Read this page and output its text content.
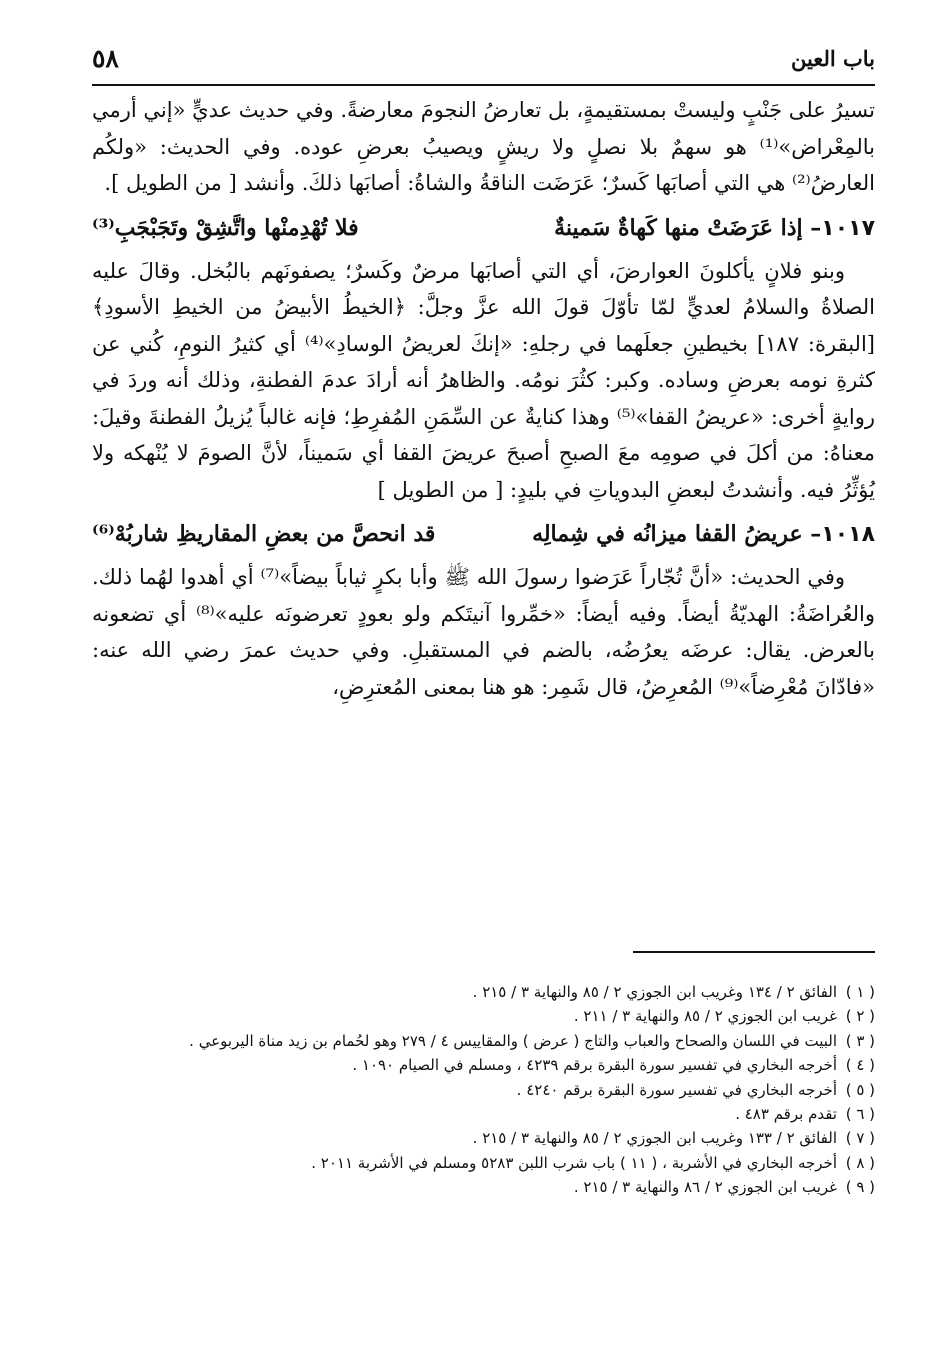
باب العين
٥٨

تسيرُ على جَنْبٍ وليستْ بمستقيمةٍ، بل تعارضُ النجومَ معارضةً. وفي حديث عديٍّ «إني أرمي بالمِعْراض»⁽¹⁾ هو سهمٌ بلا نصلٍ ولا ريشٍ ويصيبُ بعرضِ عوده. وفي الحديث: «ولكُم العارضُ⁽²⁾ هي التي أصابَها كَسرٌ؛ عَرَضَت الناقةُ والشاةُ: أصابَها ذلكَ. وأنشد [ من الطويل ].

١٠١٧– إذا عَرَضَتْ منها كَهاةٌ سَمينةٌ
فلا تُهْدِمنْها واتَّشِقْ وتَجَبْجَبِ⁽³⁾

وبنو فلانٍ يأكلونَ العوارضَ، أي التي أصابَها مرضٌ وكَسرٌ؛ يصفونَهم بالبُخل. وقالَ عليه الصلاةُ والسلامُ لعديٍّ لمّا تأوّلَ قولَ الله عزَّ وجلَّ: ﴿الخيطُ الأبيضُ من الخيطِ الأسودِ﴾ [البقرة: ١٨٧] بخيطينِ جعلَهما في رجلهِ: «إنكَ لعريضُ الوسادِ»⁽⁴⁾ أي كثيرُ النومِ، كُني عن كثرةِ نومه بعرضِ وساده. وكبر: كثُرَ نومُه. والظاهرُ أنه أرادَ عدمَ الفطنةِ، وذلك أنه وردَ في روايةٍ أخرى: «عريضُ القفا»⁽⁵⁾ وهذا كنايةٌ عن السِّمَنِ المُفرِطِ؛ فإنه غالباً يُزيلُ الفطنةَ وقيلَ: معناهُ: من أكلَ في صومِه معَ الصبحِ أصبحَ عريضَ القفا أي سَميناً، لأنَّ الصومَ لا يُنْهكه ولا يُؤثِّرُ فيه. وأنشدتُ لبعضِ البدوياتِ في بليدٍ: [ من الطويل ]

١٠١٨– عريضُ القفا ميزانُه في شِمالِه
قد انحصَّ من بعضِ المقاريظِ شاربُهْ⁽⁶⁾

وفي الحديث: «أنَّ تُجّاراً عَرَضوا رسولَ الله ﷺ وأبا بكرٍ ثياباً بيضاً»⁽⁷⁾ أي أهدوا لهُما ذلك. والعُراضَةُ: الهديّةُ أيضاً. وفيه أيضاً: «خمِّروا آنيتَكم ولو بعودٍ تعرضونَه عليه»⁽⁸⁾ أي تضعونه بالعرض. يقال: عرضَه يعرُضُه، بالضم في المستقبلِ. وفي حديث عمرَ رضي الله عنه: «فادّانَ مُعْرِضاً»⁽⁹⁾ المُعرِضُ، قال شَمِر: هو هنا بمعنى المُعترِضِ،

( ١ )
الفائق ٢ / ١٣٤ وغريب ابن الجوزي ٢ / ٨٥ والنهاية ٣ / ٢١٥ .
( ٢ )
غريب ابن الجوزي ٢ / ٨٥ والنهاية ٣ / ٢١١ .
( ٣ )
البيت في اللسان والصحاح والعباب والتاج ( عرض ) والمقاييس ٤ / ٢٧٩ وهو لحُمام بن زيد مناة اليربوعي .
( ٤ )
أخرجه البخاري في تفسير سورة البقرة برقم ٤٢٣٩ ، ومسلم في الصيام ١٠٩٠ .
( ٥ )
أخرجه البخاري في تفسير سورة البقرة برقم ٤٢٤٠ .
( ٦ )
تقدم برقم ٤٨٣ .
( ٧ )
الفائق ٢ / ١٣٣ وغريب ابن الجوزي ٢ / ٨٥ والنهاية ٣ / ٢١٥ .
( ٨ )
أخرجه البخاري في الأشربة ، ( ١١ ) باب شرب اللبن ٥٢٨٣ ومسلم في الأشربة ٢٠١١ .
( ٩ )
غريب ابن الجوزي ٢ / ٨٦ والنهاية ٣ / ٢١٥ .
